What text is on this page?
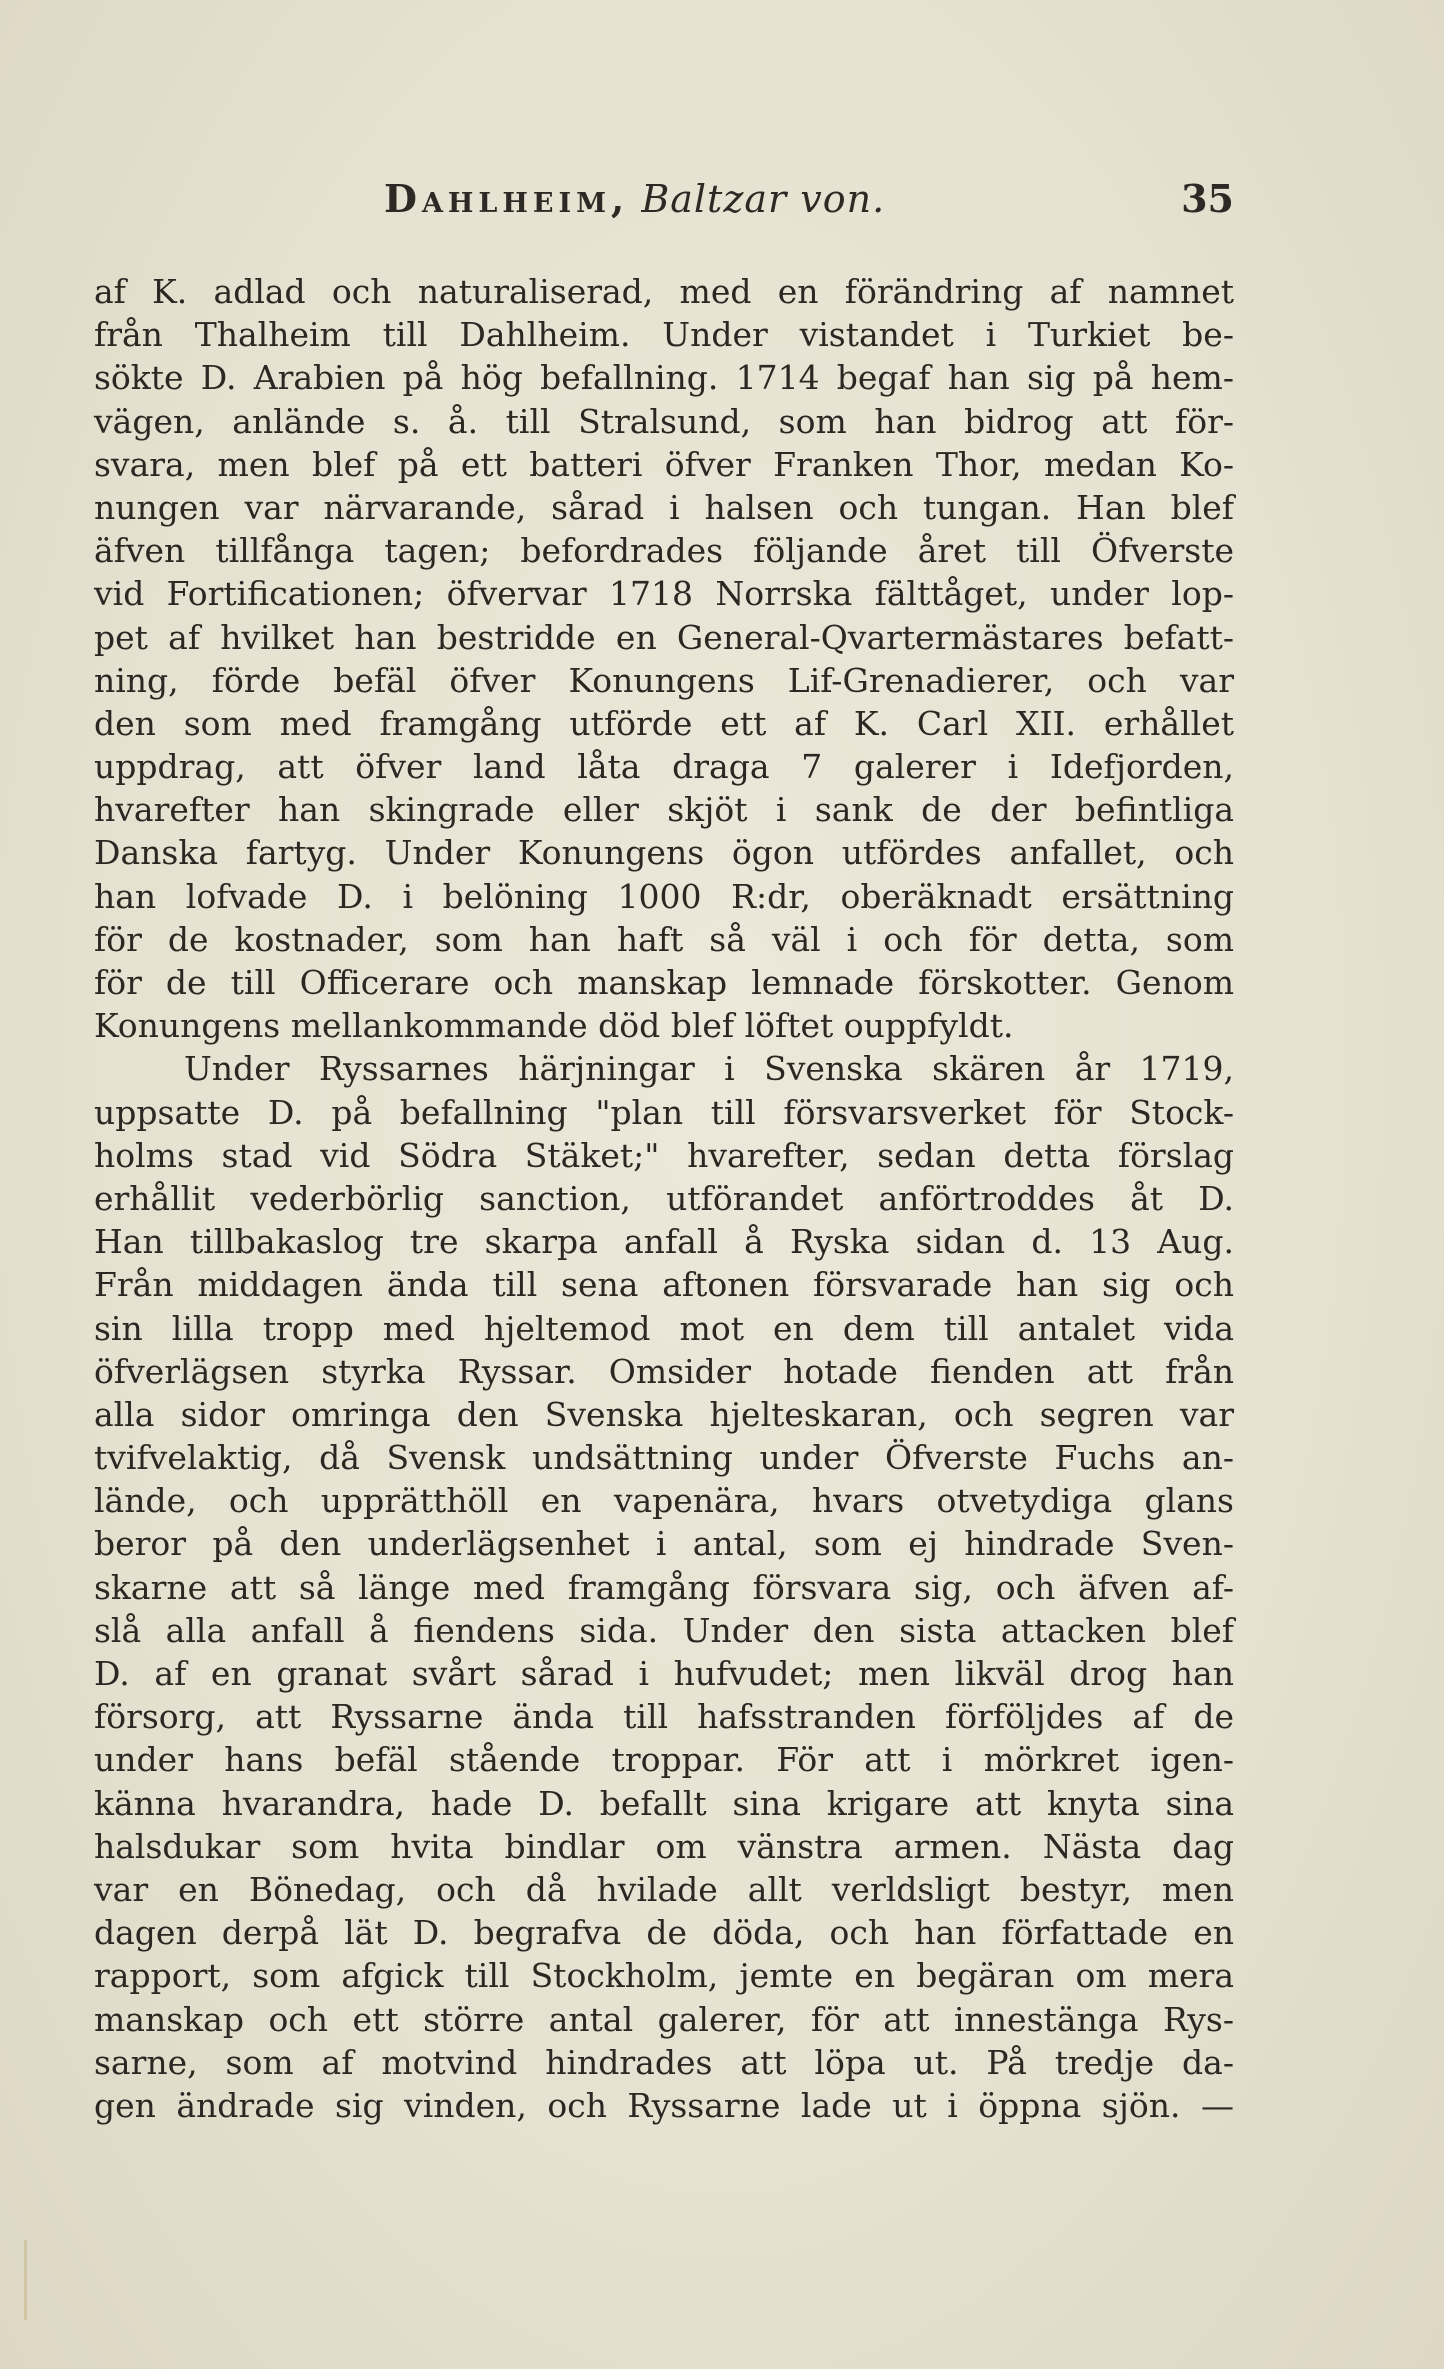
Dahlheim, Baltzar von.	35
af K. adlad och naturaliserad, med en förändring af namnet
från Thalheim till Dahlheim. Under vistandet i Turkiet be-
sökte D. Arabien på hög befallning. 1714 begaf han sig på hem-
vägen, anlände s. å. till Stralsund, som han bidrog att för-
svara, men blef på ett batteri öfver Franken Thor, medan Ko-
nungen var närvarande, sårad i halsen och tungan. Han blef
äfven tillfånga tagen; befordrades följande året till Öfverste
vid Fortificationen; öfvervar 1718 Norrska fälttåget, under lop-
pet af hvilket han bestridde en General-Qvartermästares befatt-
ning, förde befäl öfver Konungens Lif-Grenadierer, och var
den som med framgång utförde ett af K. Carl XII. erhållet
uppdrag, att öfver land låta draga 7 galerer i Idefjorden,
hvarefter han skingrade eller skjöt i sank de der befintliga
Danska fartyg. Under Konungens ögon utfördes anfallet, och
han lofvade D. i belöning 1000 R:dr, oberäknadt ersättning
för de kostnader, som han haft så väl i och för detta, som
för de till Officerare och manskap lemnade förskotter. Genom
Konungens mellankommande död blef löftet ouppfyldt.
Under Ryssarnes härjningar i Svenska skären år 1719,
uppsatte D. på befallning "plan till försvarsverket för Stock-
holms stad vid Södra Stäket;" hvarefter, sedan detta förslag
erhållit vederbörlig sanction, utförandet anförtroddes åt D.
Han tillbakaslog tre skarpa anfall å Ryska sidan d. 13 Aug.
Från middagen ända till sena aftonen försvarade han sig och
sin lilla tropp med hjeltemod mot en dem till antalet vida
öfverlägsen styrka Ryssar. Omsider hotade fienden att från
alla sidor omringa den Svenska hjelteskaran, och segren var
tvifvelaktig, då Svensk undsättning under Öfverste Fuchs an-
lände, och upprätthöll en vapenära, hvars otvetydiga glans
beror på den underlägsenhet i antal, som ej hindrade Sven-
skarne att så länge med framgång försvara sig, och äfven af-
slå alla anfall å fiendens sida. Under den sista attacken blef
D. af en granat svårt sårad i hufvudet; men likväl drog han
försorg, att Ryssarne ända till hafsstranden förföljdes af de
under hans befäl stående troppar. För att i mörkret igen-
känna hvarandra, hade D. befallt sina krigare att knyta sina
halsdukar som hvita bindlar om vänstra armen. Nästa dag
var en Bönedag, och då hvilade allt verldsligt bestyr, men
dagen derpå lät D. begrafva de döda, och han författade en
rapport, som afgick till Stockholm, jemte en begäran om mera
manskap och ett större antal galerer, för att innestänga Rys-
sarne, som af motvind hindrades att löpa ut. På tredje da-
gen ändrade sig vinden, och Ryssarne lade ut i öppna sjön. —
